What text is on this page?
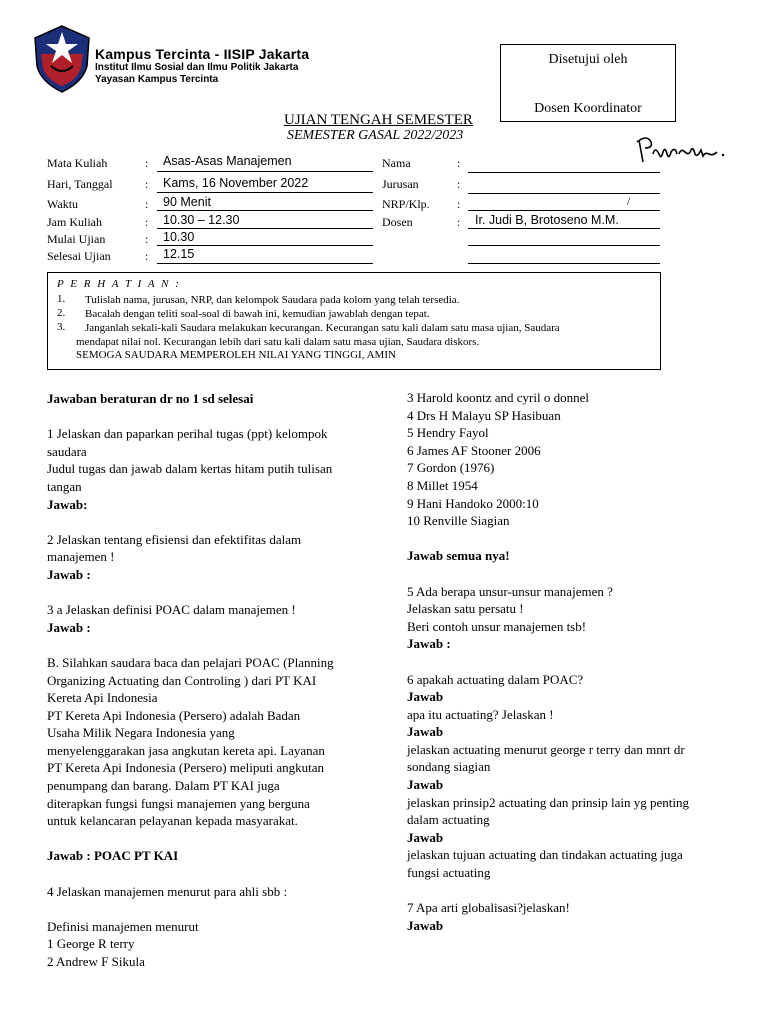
Kampus Tercinta - IISIP Jakarta
Institut Ilmu Sosial dan Ilmu Politik Jakarta
Yayasan Kampus Tercinta
Disetujui oleh
Dosen Koordinator
UJIAN TENGAH SEMESTER
SEMESTER GASAL 2022/2023
Mata Kuliah
Hari, Tanggal
Waktu
Jam Kuliah
Mulai Ujian
Selesai Ujian
:
:
:
:
:
:
Asas-Asas Manajemen
Kams, 16 November 2022
90 Menit
10.30 – 12.30
10.30
12.15
Nama
Jurusan
NRP/Klp.
Dosen
:
:
:
:
/
Ir. Judi B, Brotoseno M.M.
P E R H A T I A N :
1. Tulislah nama, jurusan, NRP, dan kelompok Saudara pada kolom yang telah tersedia.
2. Bacalah dengan teliti soal-soal di bawah ini, kemudian jawablah dengan tepat.
3. Janganlah sekali-kali Saudara melakukan kecurangan. Kecurangan satu kali dalam satu masa ujian, Saudara
mendapat nilai nol. Kecurangan lebih dari satu kali dalam satu masa ujian, Saudara diskors.
SEMOGA SAUDARA MEMPEROLEH NILAI YANG TINGGI, AMIN
Jawaban beraturan dr no 1 sd selesai
1 Jelaskan dan paparkan perihal tugas (ppt) kelompok
saudara
Judul tugas dan jawab dalam kertas hitam putih tulisan
tangan
Jawab:
2 Jelaskan tentang efisiensi dan efektifitas dalam
manajemen !
Jawab :
3 a Jelaskan definisi POAC dalam manajemen !
Jawab :
B. Silahkan saudara baca dan pelajari POAC (Planning
Organizing Actuating dan Controling ) dari PT KAI
Kereta Api Indonesia
PT Kereta Api Indonesia (Persero) adalah Badan
Usaha Milik Negara Indonesia yang
menyelenggarakan jasa angkutan kereta api. Layanan
PT Kereta Api Indonesia (Persero) meliputi angkutan
penumpang dan barang. Dalam PT KAI juga
diterapkan fungsi fungsi manajemen yang berguna
untuk kelancaran pelayanan kepada masyarakat.
Jawab : POAC PT KAI
4 Jelaskan manajemen menurut para ahli sbb :
Definisi manajemen menurut
1 George R terry
2 Andrew F Sikula
3 Harold koontz and cyril o donnel
4 Drs H Malayu SP Hasibuan
5 Hendry Fayol
6 James AF Stooner 2006
7 Gordon (1976)
8 Millet 1954
9 Hani Handoko 2000:10
10 Renville Siagian
Jawab semua nya!
5 Ada berapa unsur-unsur manajemen ?
Jelaskan satu persatu !
Beri contoh unsur manajemen tsb!
Jawab :
6 apakah actuating dalam POAC?
Jawab
apa itu actuating? Jelaskan !
Jawab
jelaskan actuating menurut george r terry dan mnrt dr
sondang siagian
Jawab
jelaskan prinsip2 actuating dan prinsip lain yg penting
dalam actuating
Jawab
jelaskan tujuan actuating dan tindakan actuating juga
fungsi actuating
7 Apa arti globalisasi?jelaskan!
Jawab
